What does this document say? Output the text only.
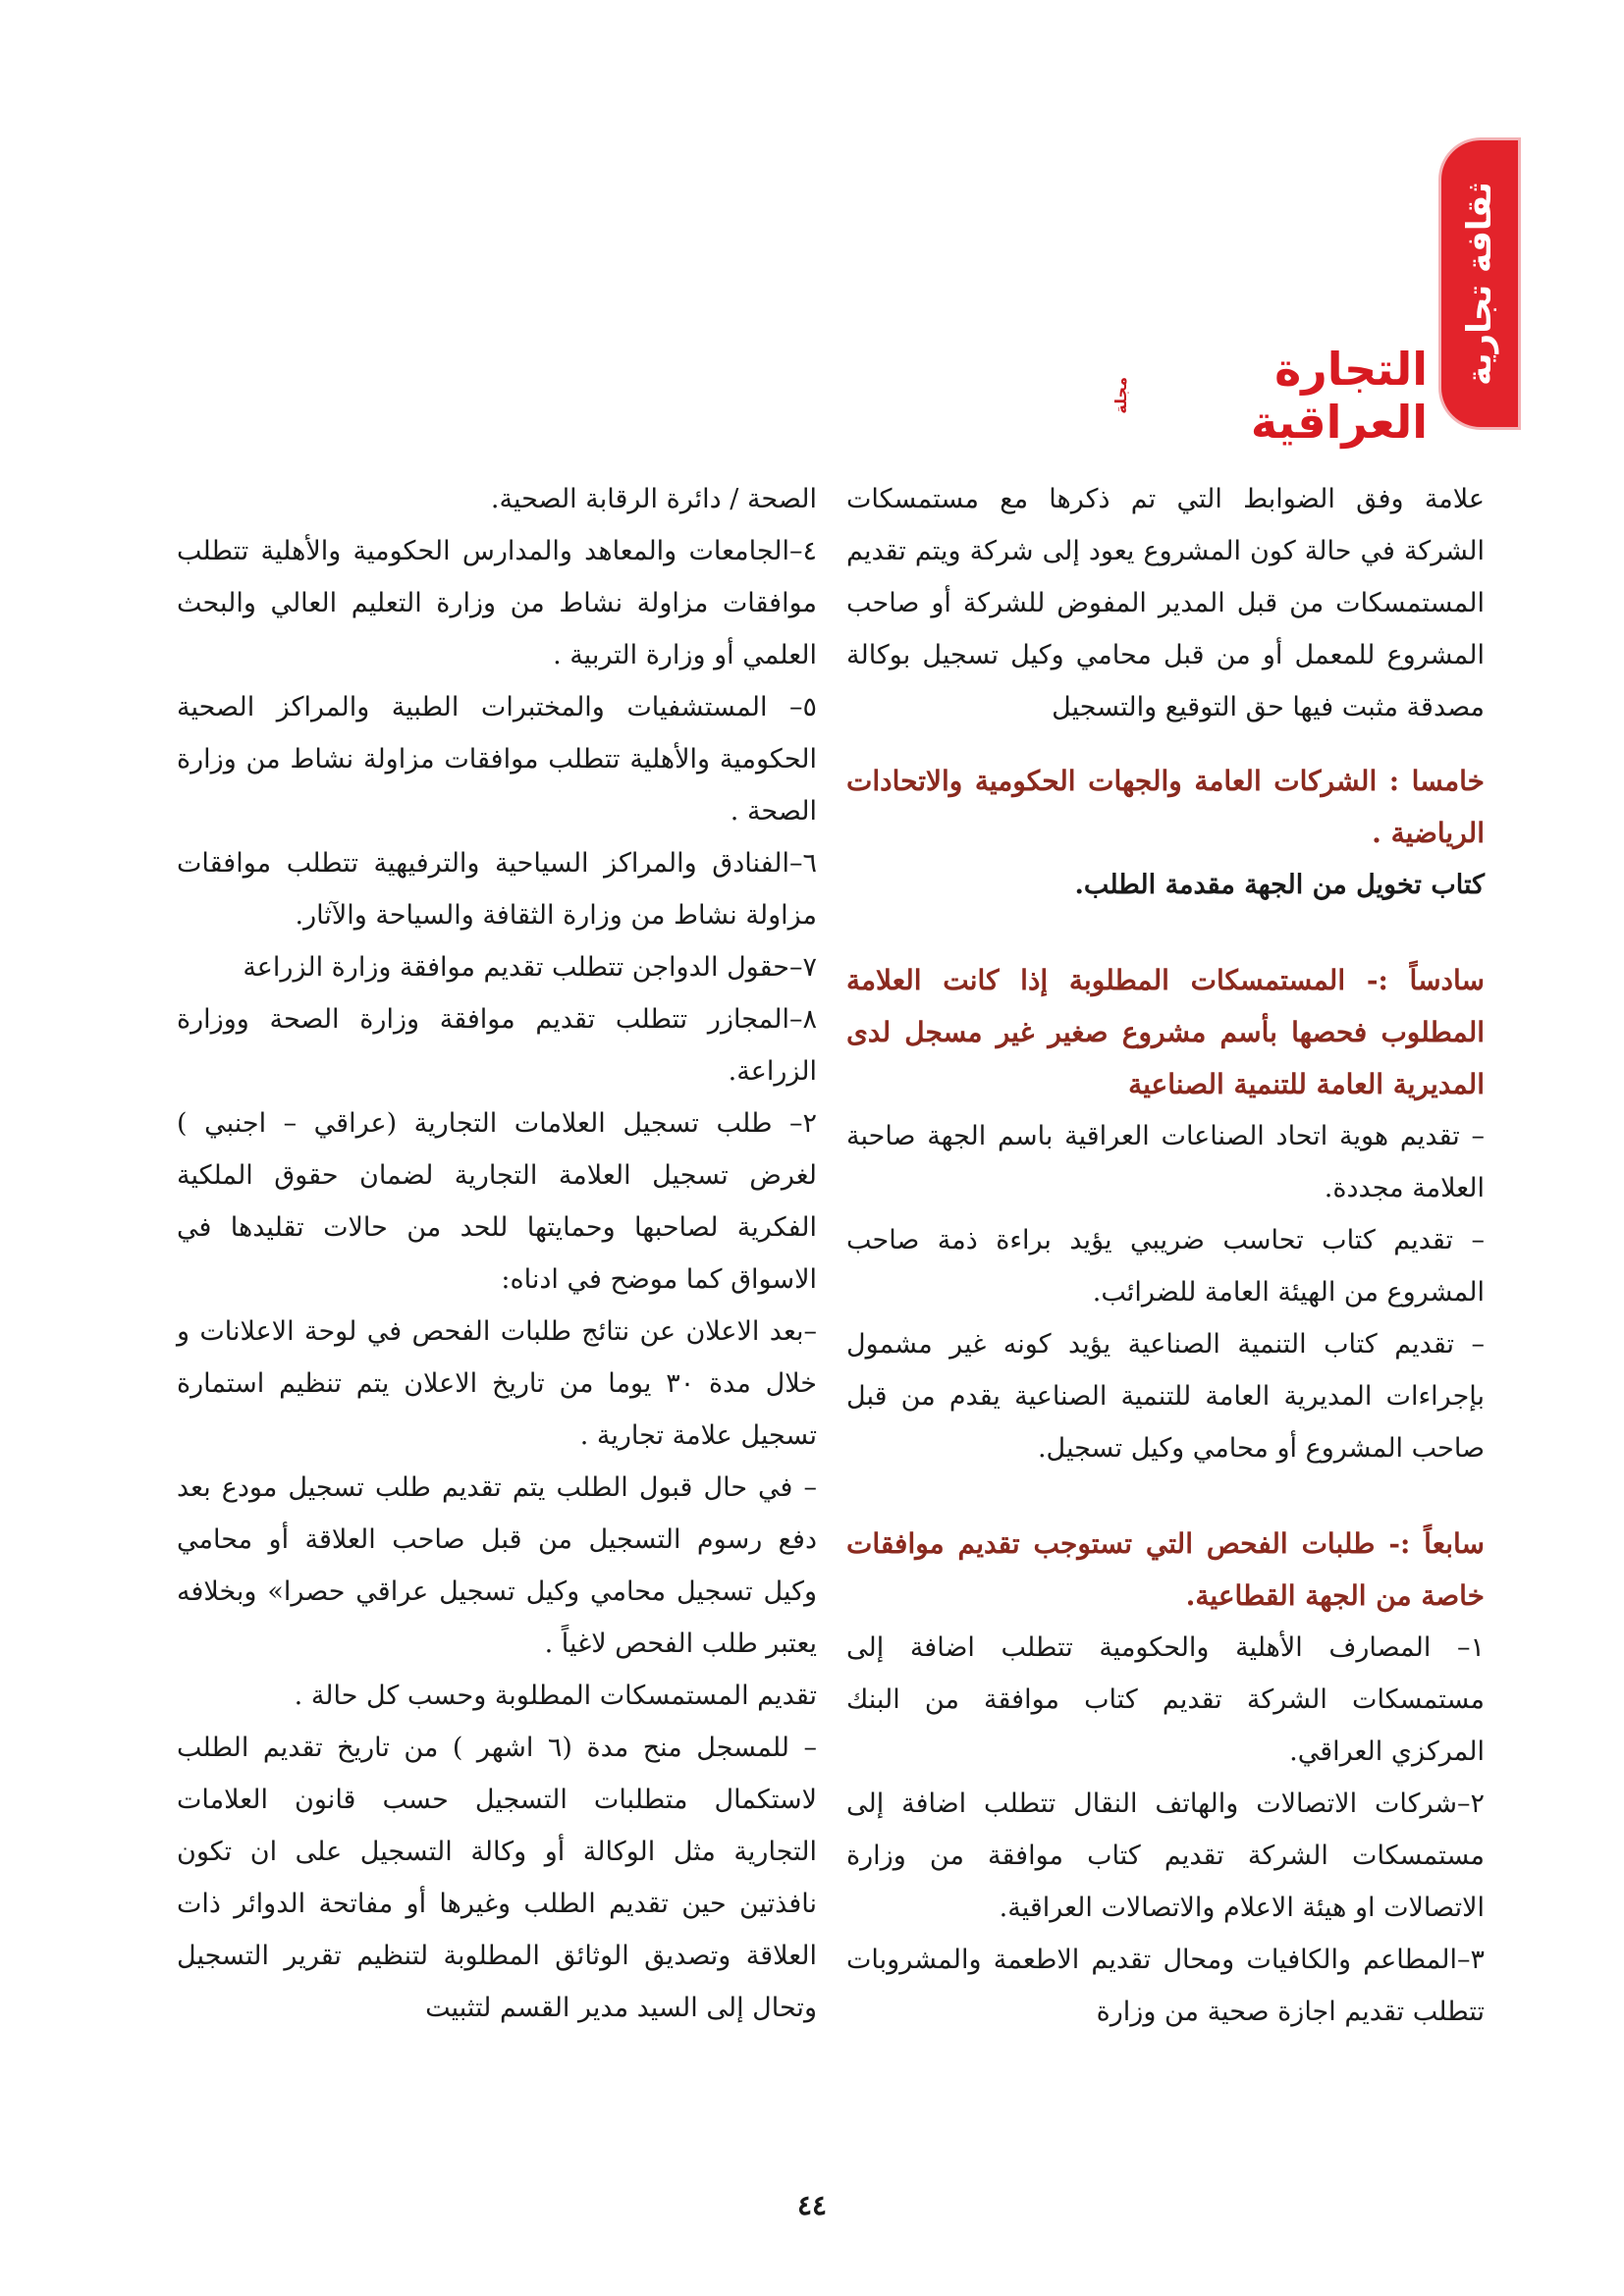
ثقافة تجارية
التجارة العراقية
مجلة

علامة وفق الضوابط التي تم ذكرها مع مستمسكات الشركة في حالة كون المشروع يعود إلى شركة ويتم تقديم المستمسكات من قبل المدير المفوض للشركة أو صاحب المشروع للمعمل أو من قبل محامي وكيل تسجيل بوكالة مصدقة مثبت فيها حق التوقيع والتسجيل

خامسا : الشركات العامة والجهات الحكومية والاتحادات الرياضية .

كتاب تخويل من الجهة مقدمة الطلب.

سادساً :- المستمسكات المطلوبة إذا كانت العلامة المطلوب فحصها بأسم مشروع صغير غير مسجل لدى المديرية العامة للتنمية الصناعية

– تقديم هوية اتحاد الصناعات العراقية باسم الجهة صاحبة العلامة مجددة.

– تقديم كتاب تحاسب ضريبي يؤيد براءة ذمة صاحب المشروع من الهيئة العامة للضرائب.

– تقديم كتاب التنمية الصناعية يؤيد كونه غير مشمول بإجراءات المديرية العامة للتنمية الصناعية يقدم من قبل صاحب المشروع أو محامي وكيل تسجيل.

سابعاً :- طلبات الفحص التي تستوجب تقديم موافقات خاصة من الجهة القطاعية.

١– المصارف الأهلية والحكومية تتطلب اضافة إلى مستمسكات الشركة تقديم كتاب موافقة من البنك المركزي العراقي.

٢–شركات الاتصالات والهاتف النقال تتطلب اضافة إلى مستمسكات الشركة تقديم كتاب موافقة من وزارة الاتصالات او هيئة الاعلام والاتصالات العراقية.

٣–المطاعم والكافيات ومحال تقديم الاطعمة والمشروبات تتطلب تقديم اجازة صحية من وزارة

الصحة / دائرة الرقابة الصحية.

٤–الجامعات والمعاهد والمدارس الحكومية والأهلية تتطلب موافقات مزاولة نشاط من وزارة التعليم العالي والبحث العلمي أو وزارة التربية .

٥– المستشفيات والمختبرات الطبية والمراكز الصحية الحكومية والأهلية تتطلب موافقات مزاولة نشاط من وزارة الصحة .

٦–الفنادق والمراكز السياحية والترفيهية تتطلب موافقات مزاولة نشاط من وزارة الثقافة والسياحة والآثار.

٧–حقول الدواجن تتطلب تقديم موافقة وزارة الزراعة

٨–المجازر تتطلب تقديم موافقة وزارة الصحة ووزارة الزراعة.

٢– طلب تسجيل العلامات التجارية (عراقي – اجنبي ) لغرض تسجيل العلامة التجارية لضمان حقوق الملكية الفكرية لصاحبها وحمايتها للحد من حالات تقليدها في الاسواق كما موضح في ادناه:

–بعد الاعلان عن نتائج طلبات الفحص في لوحة الاعلانات و خلال مدة ٣٠ يوما من تاريخ الاعلان يتم تنظيم استمارة تسجيل علامة تجارية .

– في حال قبول الطلب يتم تقديم طلب تسجيل مودع بعد دفع رسوم التسجيل من قبل صاحب العلاقة أو محامي وكيل تسجيل محامي وكيل تسجيل عراقي حصرا» وبخلافه يعتبر طلب الفحص لاغياً .

تقديم المستمسكات المطلوبة وحسب كل حالة .

– للمسجل منح مدة (٦ اشهر ) من تاريخ تقديم الطلب لاستكمال متطلبات التسجيل حسب قانون العلامات التجارية مثل الوكالة أو وكالة التسجيل على ان تكون نافذتين حين تقديم الطلب وغيرها أو مفاتحة الدوائر ذات العلاقة وتصديق الوثائق المطلوبة لتنظيم تقرير التسجيل وتحال إلى السيد مدير القسم لتثبيت

٤٤
